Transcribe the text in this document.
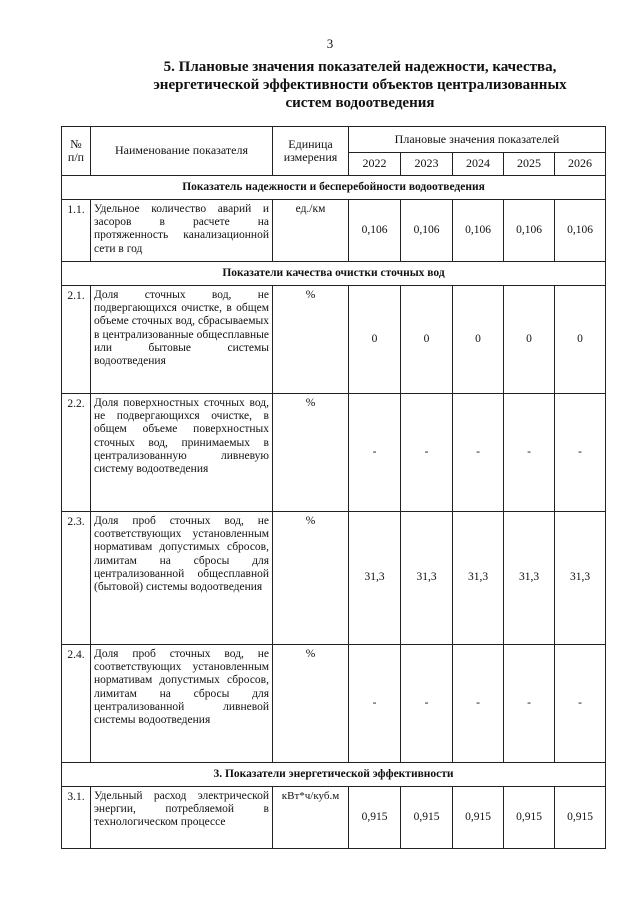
3
5. Плановые значения показателей надежности, качества,
энергетической эффективности объектов централизованных
систем водоотведения
№ п/п	Наименование показателя	Единица измерения	Плановые значения показателей				
			2022	2023	2024	2025	2026
Показатель надежности и бесперебойности водоотведения							
1.1.	Удельное количество аварий и засоров в расчете на протяженность канализационной сети в год	ед./км	0,106	0,106	0,106	0,106	0,106
Показатели качества очистки сточных вод							
2.1.	Доля сточных вод, не подвергающихся очистке, в общем объеме сточных вод, сбрасываемых в централизованные общесплавные или бытовые системы водоотведения	%	0	0	0	0	0
2.2.	Доля поверхностных сточных вод, не подвергающихся очистке, в общем объеме поверхностных сточных вод, принимаемых в централизованную ливневую систему водоотведения	%	-	-	-	-	-
2.3.	Доля проб сточных вод, не соответствующих установленным нормативам допустимых сбросов, лимитам на сбросы для централизованной общесплавной (бытовой) системы водоотведения	%	31,3	31,3	31,3	31,3	31,3
2.4.	Доля проб сточных вод, не соответствующих установленным нормативам допустимых сбросов, лимитам на сбросы для централизованной ливневой системы водоотведения	%	-	-	-	-	-
3. Показатели энергетической эффективности							
3.1.	Удельный расход электрической энергии, потребляемой в технологическом процессе	кВт*ч/куб.м	0,915	0,915	0,915	0,915	0,915
